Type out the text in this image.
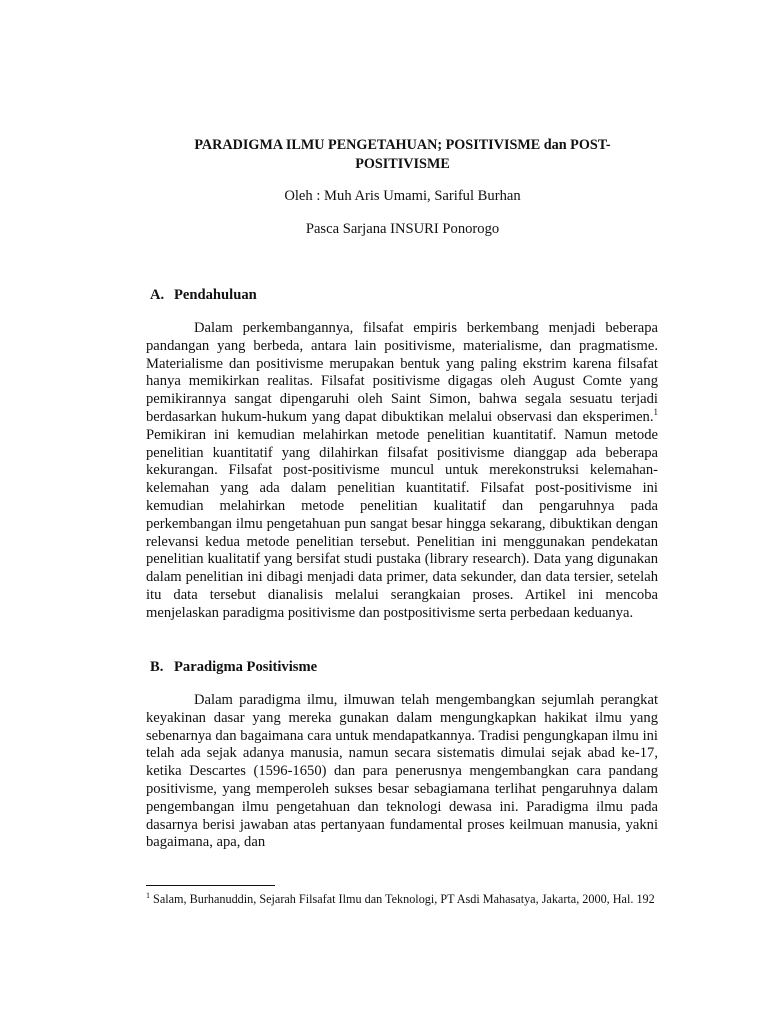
PARADIGMA ILMU PENGETAHUAN; POSITIVISME dan POST-POSITIVISME
Oleh : Muh Aris Umami, Sariful Burhan
Pasca Sarjana INSURI Ponorogo
A. Pendahuluan

Dalam perkembangannya, filsafat empiris berkembang menjadi beberapa pandangan yang berbeda, antara lain positivisme, materialisme, dan pragmatisme. Materialisme dan positivisme merupakan bentuk yang paling ekstrim karena filsafat hanya memikirkan realitas. Filsafat positivisme digagas oleh August Comte yang pemikirannya sangat dipengaruhi oleh Saint Simon, bahwa segala sesuatu terjadi berdasarkan hukum-hukum yang dapat dibuktikan melalui observasi dan eksperimen.$^1$ Pemikiran ini kemudian melahirkan metode penelitian kuantitatif. Namun metode penelitian kuantitatif yang dilahirkan filsafat positivisme dianggap ada beberapa kekurangan. Filsafat post-positivisme muncul untuk merekonstruksi kelemahan-kelemahan yang ada dalam penelitian kuantitatif. Filsafat post-positivisme ini kemudian melahirkan metode penelitian kualitatif dan pengaruhnya pada perkembangan ilmu pengetahuan pun sangat besar hingga sekarang, dibuktikan dengan relevansi kedua metode penelitian tersebut. Penelitian ini menggunakan pendekatan penelitian kualitatif yang bersifat studi pustaka (library research). Data yang digunakan dalam penelitian ini dibagi menjadi data primer, data sekunder, dan data tersier, setelah itu data tersebut dianalisis melalui serangkaian proses. Artikel ini mencoba menjelaskan paradigma positivisme dan postpositivisme serta perbedaan keduanya.

B. Paradigma Positivisme

Dalam paradigma ilmu, ilmuwan telah mengembangkan sejumlah perangkat keyakinan dasar yang mereka gunakan dalam mengungkapkan hakikat ilmu yang sebenarnya dan bagaimana cara untuk mendapatkannya. Tradisi pengungkapan ilmu ini telah ada sejak adanya manusia, namun secara sistematis dimulai sejak abad ke-17, ketika Descartes (1596-1650) dan para penerusnya mengembangkan cara pandang positivisme, yang memperoleh sukses besar sebagiamana terlihat pengaruhnya dalam pengembangan ilmu pengetahuan dan teknologi dewasa ini. Paradigma ilmu pada dasarnya berisi jawaban atas pertanyaan fundamental proses keilmuan manusia, yakni bagaimana, apa, dan

$^1$ Salam, Burhanuddin, Sejarah Filsafat Ilmu dan Teknologi, PT Asdi Mahasatya, Jakarta, 2000, Hal. 192
